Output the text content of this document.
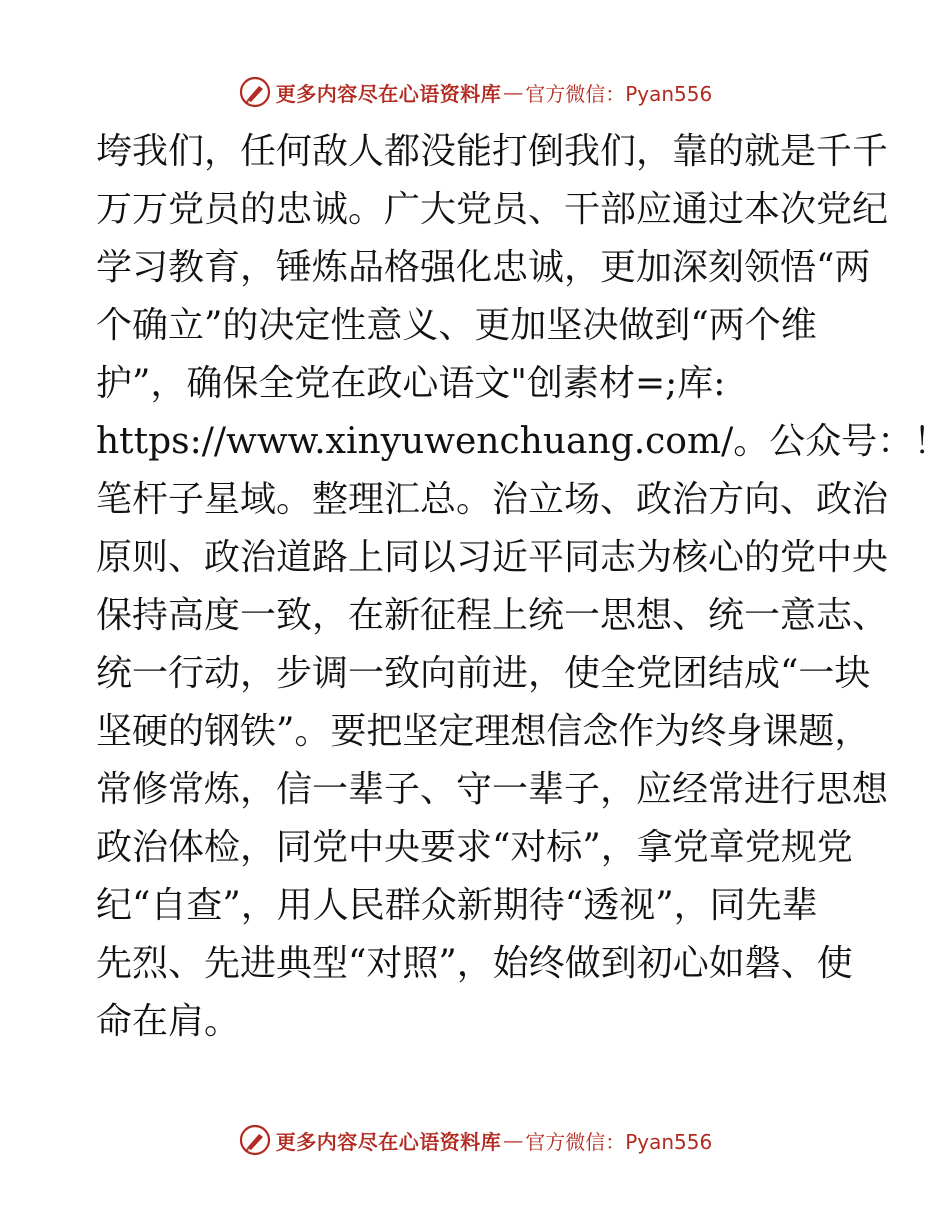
更多内容尽在心语资料库 — 官方微信：Pyan556
垮我们，任何敌人都没能打倒我们，靠的就是千千
万万党员的忠诚。广大党员、干部应通过本次党纪
学习教育，锤炼品格强化忠诚，更加深刻领悟“两
个确立”的决定性意义、更加坚决做到“两个维
护”，确保全党在政心语文"创素材=;库:
https://www.xinyuwenchuang.com/。公众号：！
笔杆子星域。整理汇总。治立场、政治方向、政治
原则、政治道路上同以习近平同志为核心的党中央
保持高度一致，在新征程上统一思想、统一意志、
统一行动，步调一致向前进，使全党团结成“一块
坚硬的钢铁”。要把坚定理想信念作为终身课题，
常修常炼，信一辈子、守一辈子，应经常进行思想
政治体检，同党中央要求“对标”，拿党章党规党
纪“自查”，用人民群众新期待“透视”，同先辈
先烈、先进典型“对照”，始终做到初心如磐、使
命在肩。
更多内容尽在心语资料库 — 官方微信：Pyan556
